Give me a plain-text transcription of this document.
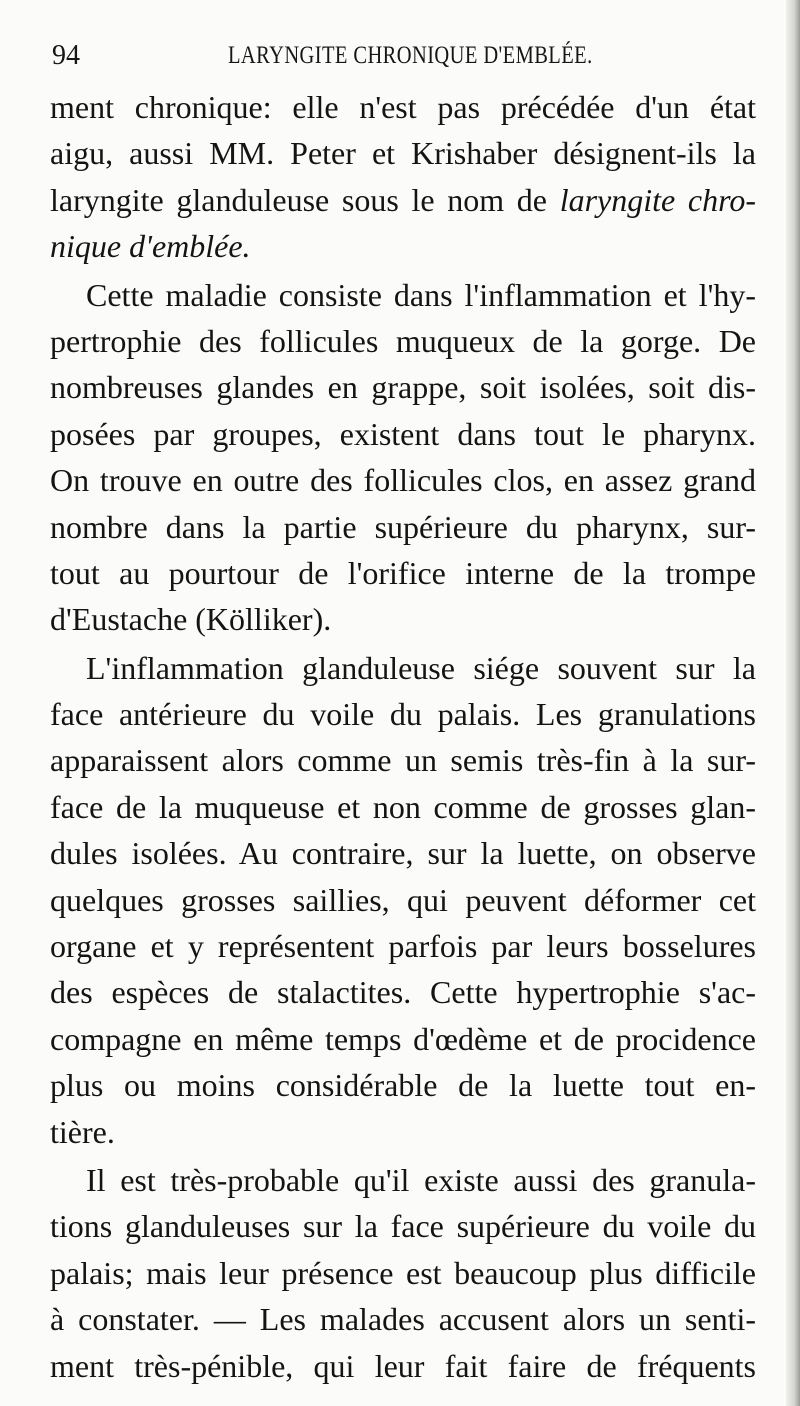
94	LARYNGITE CHRONIQUE D'EMBLÉE.
ment chronique: elle n'est pas précédée d'un état
aigu, aussi MM. Peter et Krishaber désignent-ils la
laryngite glanduleuse sous le nom de laryngite chro-
nique d'emblée.
Cette maladie consiste dans l'inflammation et l'hy-
pertrophie des follicules muqueux de la gorge. De
nombreuses glandes en grappe, soit isolées, soit dis-
posées par groupes, existent dans tout le pharynx.
On trouve en outre des follicules clos, en assez grand
nombre dans la partie supérieure du pharynx, sur-
tout au pourtour de l'orifice interne de la trompe
d'Eustache (Kölliker).
L'inflammation glanduleuse siége souvent sur la
face antérieure du voile du palais. Les granulations
apparaissent alors comme un semis très-fin à la sur-
face de la muqueuse et non comme de grosses glan-
dules isolées. Au contraire, sur la luette, on observe
quelques grosses saillies, qui peuvent déformer cet
organe et y représentent parfois par leurs bosselures
des espèces de stalactites. Cette hypertrophie s'ac-
compagne en même temps d'œdème et de procidence
plus ou moins considérable de la luette tout en-
tière.
Il est très-probable qu'il existe aussi des granula-
tions glanduleuses sur la face supérieure du voile du
palais; mais leur présence est beaucoup plus difficile
à constater. — Les malades accusent alors un senti-
ment très-pénible, qui leur fait faire de fréquents
